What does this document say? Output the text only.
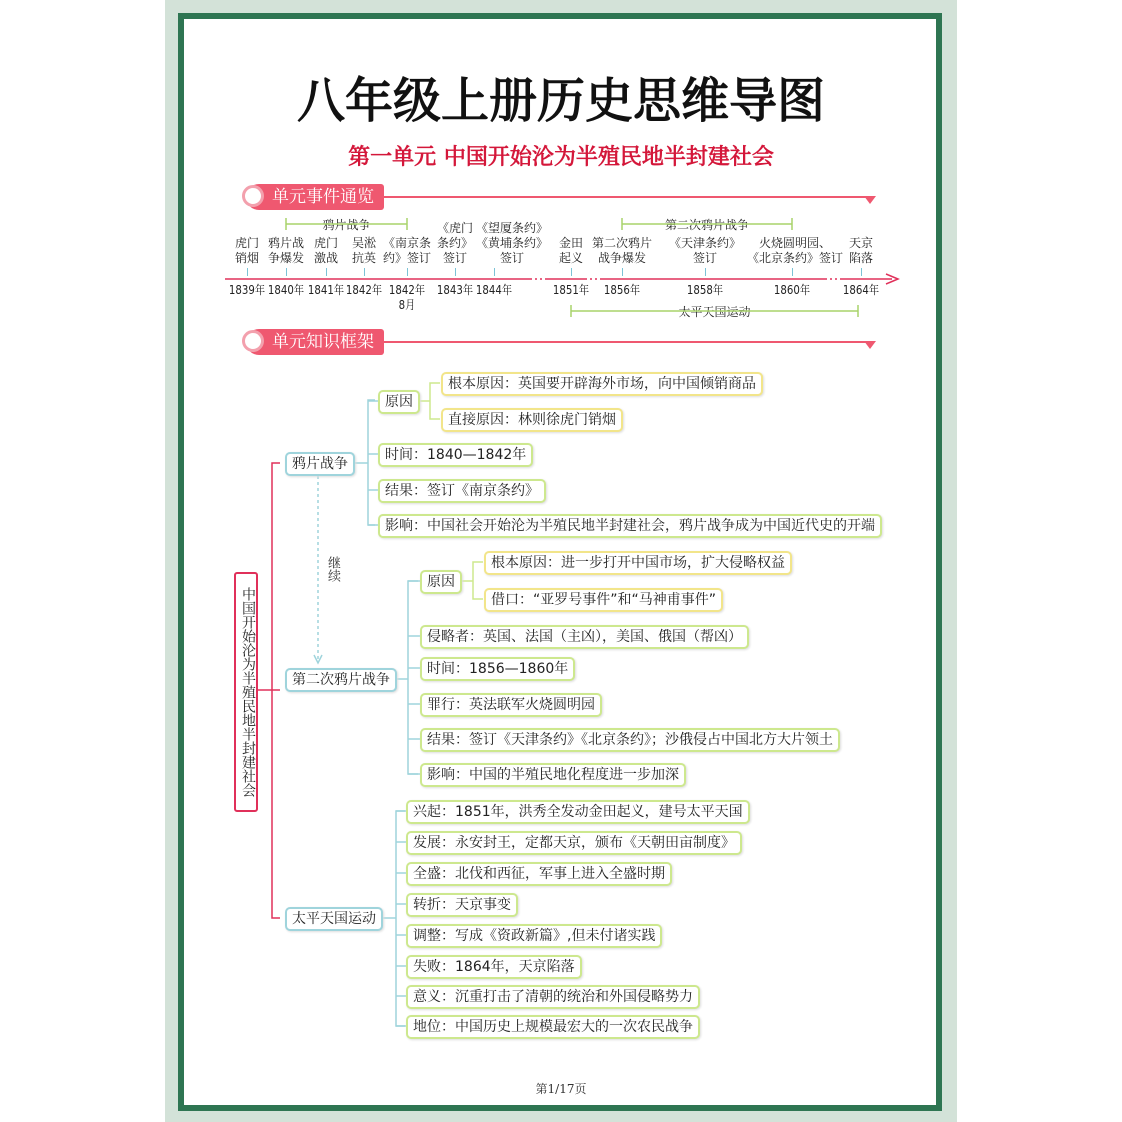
八年级上册历史思维导图
第一单元 中国开始沦为半殖民地半封建社会
单元事件通览
单元知识框架
虎门
销烟
1839年
鸦片战
争爆发
1840年
虎门
激战
1841年
吴淞
抗英
1842年
《南京条
约》签订
1842年
8月
《虎门
条约》
签订
1843年
《望厦条约》
《黄埔条约》
签订
1844年
金田
起义
1851年
第二次鸦片
战争爆发
1856年
《天津条约》
签订
1858年
火烧圆明园、
《北京条约》签订
1860年
天京
陷落
1864年
鸦片战争	第二次鸦片战争
太平天国运动
鸦片战争
原因
时间：1840—1842年
结果：签订《南京条约》
影响：中国社会开始沦为半殖民地半封建社会，鸦片战争成为中国近代史的开端
根本原因：英国要开辟海外市场，向中国倾销商品
直接原因：林则徐虎门销烟
第二次鸦片战争
原因
侵略者：英国、法国（主凶），美国、俄国（帮凶）
时间：1856—1860年
罪行：英法联军火烧圆明园
结果：签订《天津条约》《北京条约》；沙俄侵占中国北方大片领土
影响：中国的半殖民地化程度进一步加深
根本原因：进一步打开中国市场，扩大侵略权益
借口：“亚罗号事件”和“马神甫事件”
太平天国运动
兴起：1851年，洪秀全发动金田起义，建号太平天国
发展：永安封王，定都天京，颁布《天朝田亩制度》
全盛：北伐和西征，军事上进入全盛时期
转折：天京事变
调整：写成《资政新篇》,但未付诸实践
失败：1864年，天京陷落
意义：沉重打击了清朝的统治和外国侵略势力
地位：中国历史上规模最宏大的一次农民战争
中国开始沦为半殖民地半封建社会
继续
第1/17页
